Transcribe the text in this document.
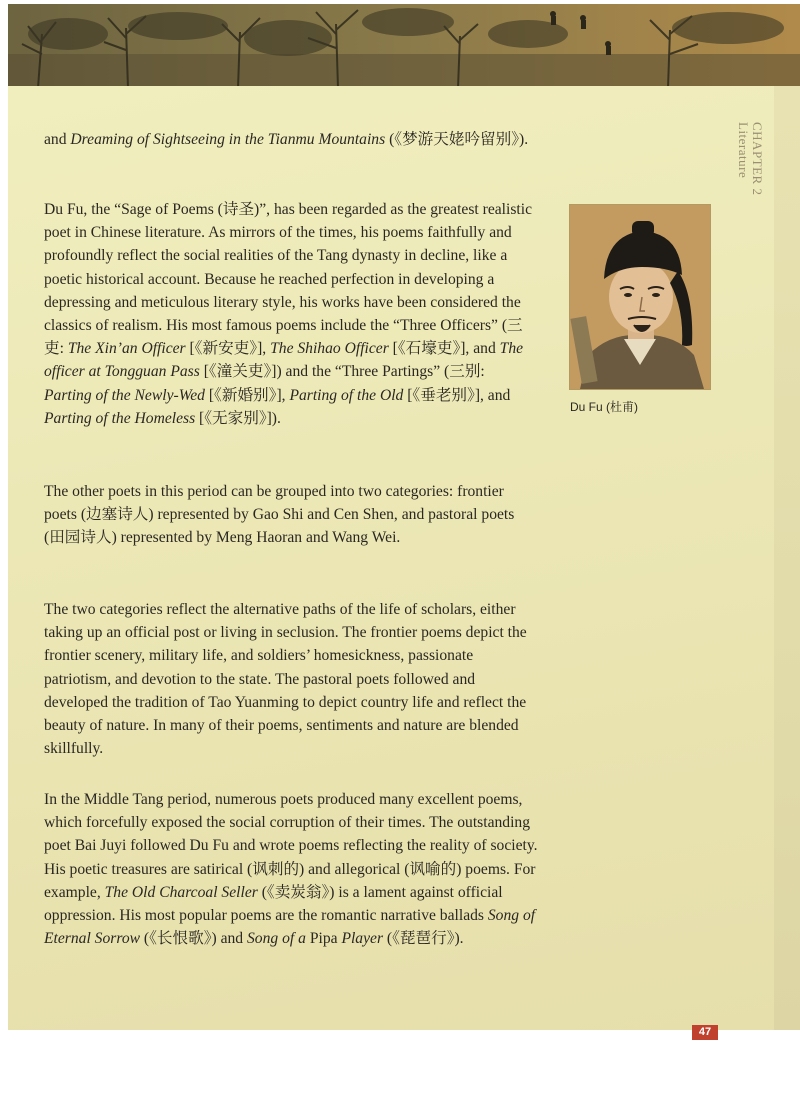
CHAPTER 2
Literature

and Dreaming of Sightseeing in the Tianmu Mountains (《梦游天姥吟留别》).

Du Fu, the “Sage of Poems (诗圣)”, has been regarded as the greatest realistic poet in Chinese literature. As mirrors of the times, his poems faithfully and profoundly reflect the social realities of the Tang dynasty in decline, like a poetic historical account. Because he reached perfection in developing a depressing and meticulous literary style, his works have been considered the classics of realism. His most famous poems include the “Three Officers” (三吏: The Xin’an Officer [《新安吏》], The Shihao Officer [《石壕吏》], and The officer at Tongguan Pass [《潼关吏》]) and the “Three Partings” (三别: Parting of the Newly-Wed [《新婚别》], Parting of the Old [《垂老别》], and Parting of the Homeless [《无家别》]).

Du Fu (杜甫)

The other poets in this period can be grouped into two categories: frontier poets (边塞诗人) represented by Gao Shi and Cen Shen, and pastoral poets (田园诗人) represented by Meng Haoran and Wang Wei.

The two categories reflect the alternative paths of the life of scholars, either taking up an official post or living in seclusion. The frontier poems depict the frontier scenery, military life, and soldiers’ homesickness, passionate patriotism, and devotion to the state. The pastoral poets followed and developed the tradition of Tao Yuanming to depict country life and reflect the beauty of nature. In many of their poems, sentiments and nature are blended skillfully.

In the Middle Tang period, numerous poets produced many excellent poems, which forcefully exposed the social corruption of their times. The outstanding poet Bai Juyi followed Du Fu and wrote poems reflecting the reality of society. His poetic treasures are satirical (讽刺的) and allegorical (讽喻的) poems. For example, The Old Charcoal Seller (《卖炭翁》) is a lament against official oppression. His most popular poems are the romantic narrative ballads Song of Eternal Sorrow (《长恨歌》) and Song of a Pipa Player (《琵琶行》).

47
